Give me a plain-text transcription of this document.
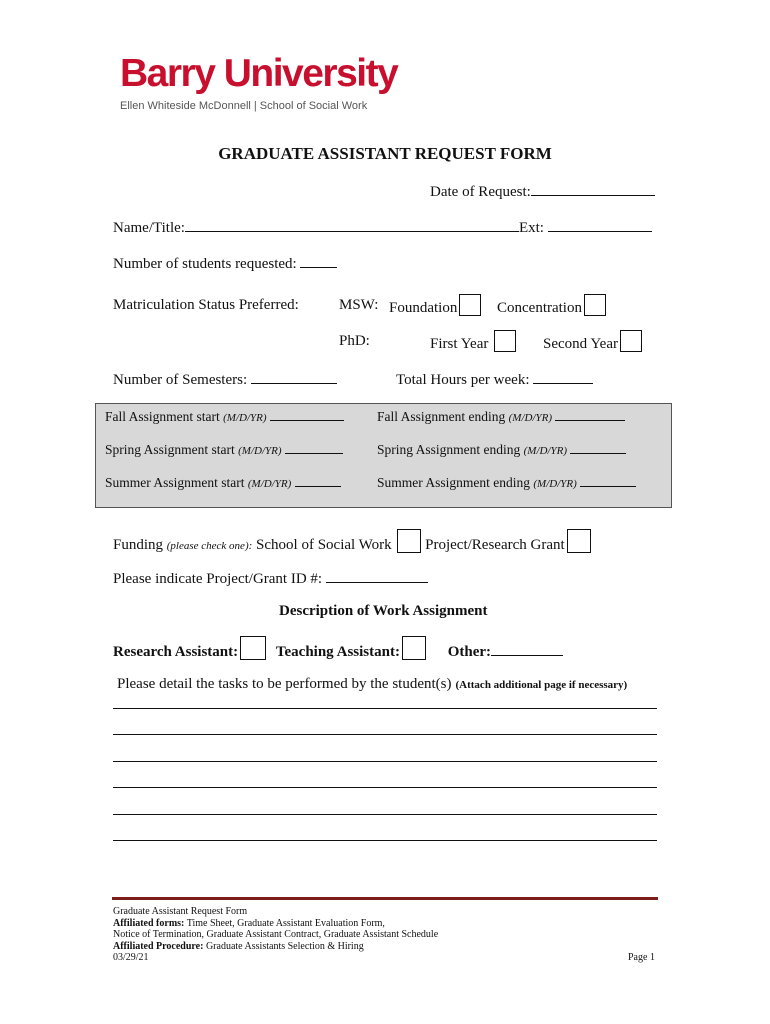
Barry University
Ellen Whiteside McDonnell | School of Social Work
GRADUATE ASSISTANT REQUEST FORM
Date of Request:
Name/Title:	Ext:
Number of students requested:
Matriculation Status Preferred:	MSW: Foundation	Concentration
PhD:	First Year	Second Year
Number of Semesters:	Total Hours per week:
Fall Assignment start (M/D/YR)	Fall Assignment ending (M/D/YR)
Spring Assignment start (M/D/YR)	Spring Assignment ending (M/D/YR)
Summer Assignment start (M/D/YR)	Summer Assignment ending (M/D/YR)
Funding (please check one): School of Social Work Project/Research Grant
Please indicate Project/Grant ID #:
Description of Work Assignment
Research Assistant:	Teaching Assistant:	Other:
Please detail the tasks to be performed by the student(s) (Attach additional page if necessary)
Graduate Assistant Request Form
Affiliated forms: Time Sheet, Graduate Assistant Evaluation Form,
Notice of Termination, Graduate Assistant Contract, Graduate Assistant Schedule
Affiliated Procedure: Graduate Assistants Selection & Hiring
03/29/21	Page 1
